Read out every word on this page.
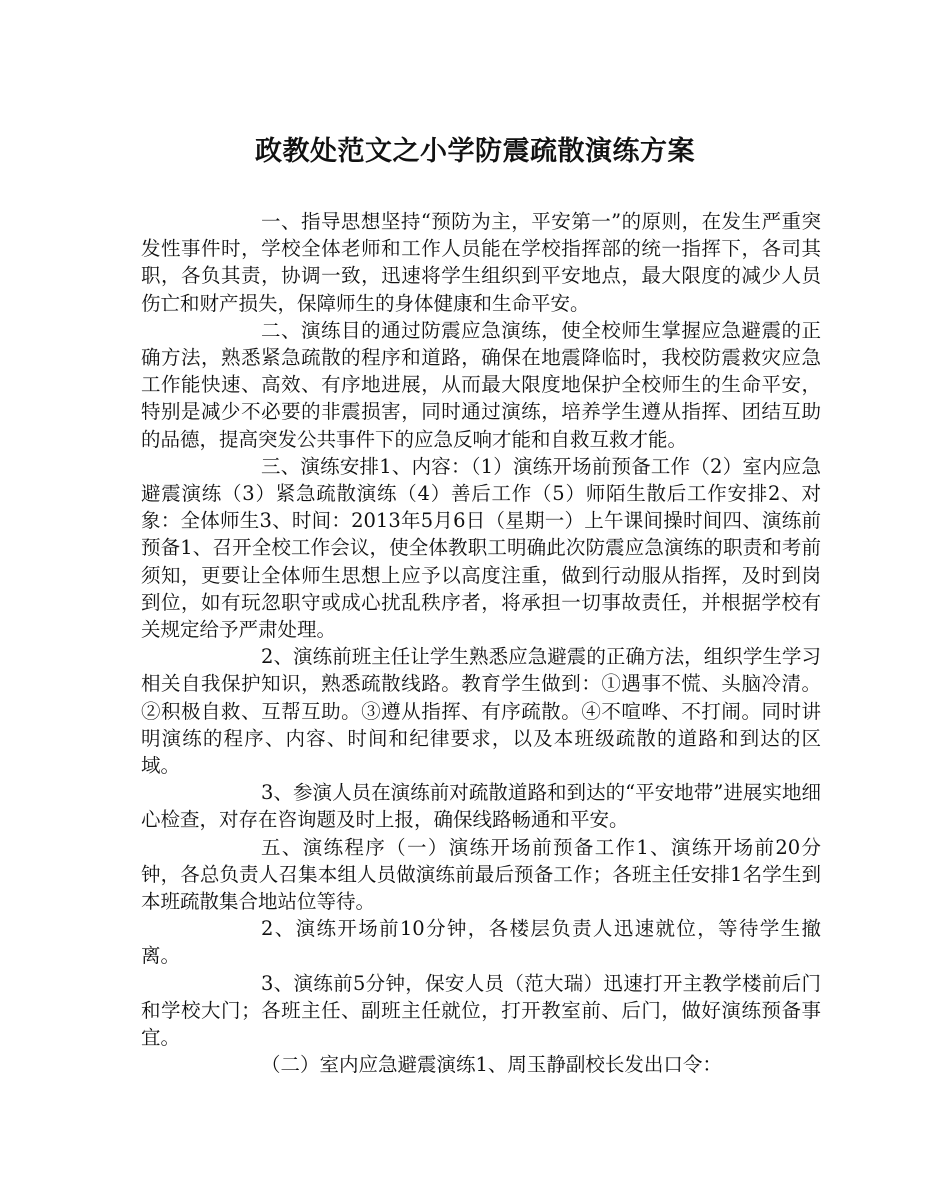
政教处范文之小学防震疏散演练方案

一、指导思想坚持“预防为主，平安第一”的原则，在发生严重突发性事件时，学校全体老师和工作人员能在学校指挥部的统一指挥下，各司其职，各负其责，协调一致，迅速将学生组织到平安地点，最大限度的减少人员伤亡和财产损失，保障师生的身体健康和生命平安。

二、演练目的通过防震应急演练，使全校师生掌握应急避震的正确方法，熟悉紧急疏散的程序和道路，确保在地震降临时，我校防震救灾应急工作能快速、高效、有序地进展，从而最大限度地保护全校师生的生命平安，特别是减少不必要的非震损害，同时通过演练，培养学生遵从指挥、团结互助的品德，提高突发公共事件下的应急反响才能和自救互救才能。

三、演练安排1、内容：（1）演练开场前预备工作（2）室内应急避震演练（3）紧急疏散演练（4）善后工作（5）师陌生散后工作安排2、对象：全体师生3、时间：2013年5月6日（星期一）上午课间操时间四、演练前预备1、召开全校工作会议，使全体教职工明确此次防震应急演练的职责和考前须知，更要让全体师生思想上应予以高度注重，做到行动服从指挥，及时到岗到位，如有玩忽职守或成心扰乱秩序者，将承担一切事故责任，并根据学校有关规定给予严肃处理。

2、演练前班主任让学生熟悉应急避震的正确方法，组织学生学习相关自我保护知识，熟悉疏散线路。教育学生做到：①遇事不慌、头脑冷清。②积极自救、互帮互助。③遵从指挥、有序疏散。④不喧哗、不打闹。同时讲明演练的程序、内容、时间和纪律要求，以及本班级疏散的道路和到达的区域。

3、参演人员在演练前对疏散道路和到达的“平安地带”进展实地细心检查，对存在咨询题及时上报，确保线路畅通和平安。

五、演练程序（一）演练开场前预备工作1、演练开场前20分钟，各总负责人召集本组人员做演练前最后预备工作；各班主任安排1名学生到本班疏散集合地站位等待。

2、演练开场前10分钟，各楼层负责人迅速就位，等待学生撤离。

3、演练前5分钟，保安人员（范大瑞）迅速打开主教学楼前后门和学校大门；各班主任、副班主任就位，打开教室前、后门，做好演练预备事宜。

（二）室内应急避震演练1、周玉静副校长发出口令：
